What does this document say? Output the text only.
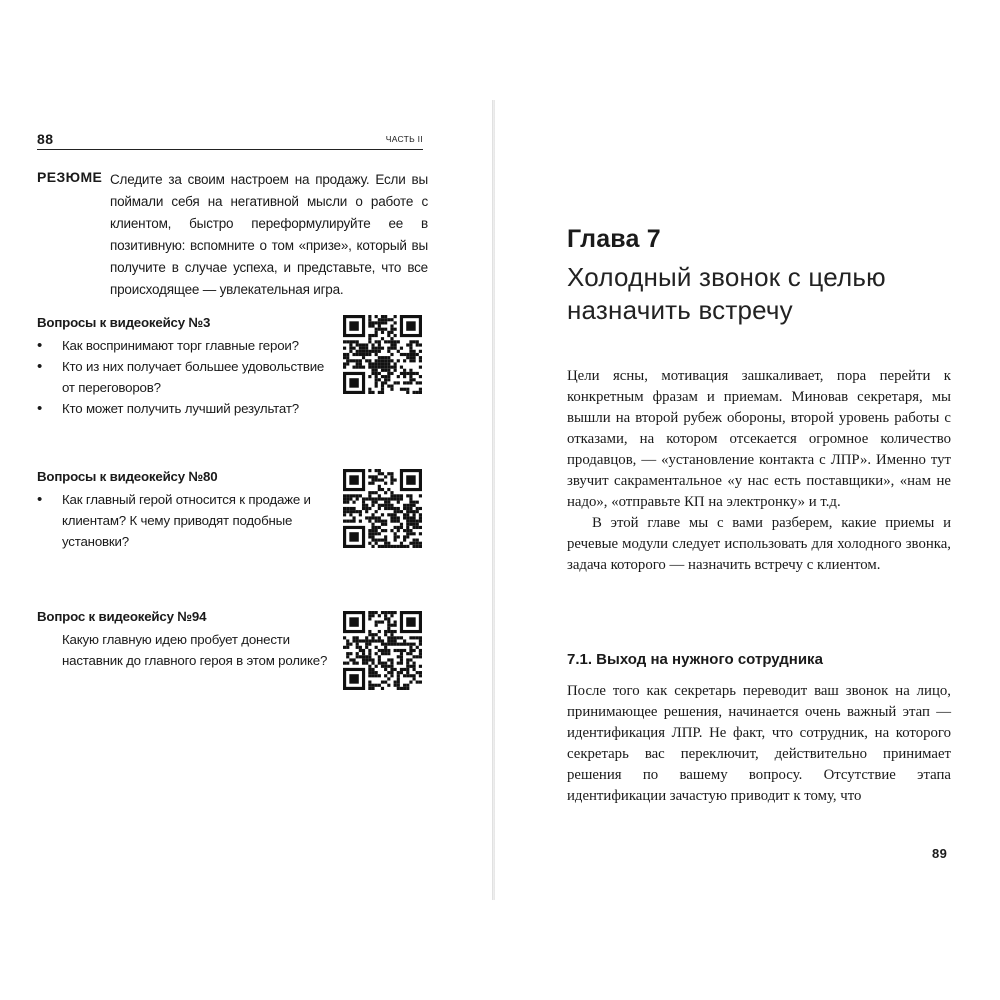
88	ЧАСТЬ II
РЕЗЮМЕ Следите за своим настроем на продажу. Если вы поймали себя на негативной мысли о работе с клиентом, быстро переформулируйте ее в позитивную: вспомните о том «призе», который вы получите в случае успеха, и представьте, что все происходящее — увлекательная игра.

Вопросы к видеокейсу №3
• Как воспринимают торг главные герои?
• Кто из них получает большее удовольствие от переговоров?
• Кто может получить лучший результат?
Вопросы к видеокейсу №80
• Как главный герой относится к продаже и клиентам? К чему приводят подобные установки?
Вопрос к видеокейсу №94
Какую главную идею пробует донести наставник до главного героя в этом ролике?
Глава 7
Холодный звонок с целью назначить встречу

Цели ясны, мотивация зашкаливает, пора перейти к конкретным фразам и приемам. Миновав секретаря, мы вышли на второй рубеж обороны, второй уровень работы с отказами, на котором отсекается огромное количество продавцов, — «установление контакта с ЛПР». Именно тут звучит сакраментальное «у нас есть поставщики», «нам не надо», «отправьте КП на электронку» и т.д.

В этой главе мы с вами разберем, какие приемы и речевые модули следует использовать для холодного звонка, задача которого — назначить встречу с клиентом.

7.1. Выход на нужного сотрудника

После того как секретарь переводит ваш звонок на лицо, принимающее решения, начинается очень важный этап — идентификация ЛПР. Не факт, что сотрудник, на которого секретарь вас переключит, действительно принимает решения по вашему вопросу. Отсутствие этапа идентификации зачастую приводит к тому, что

89
